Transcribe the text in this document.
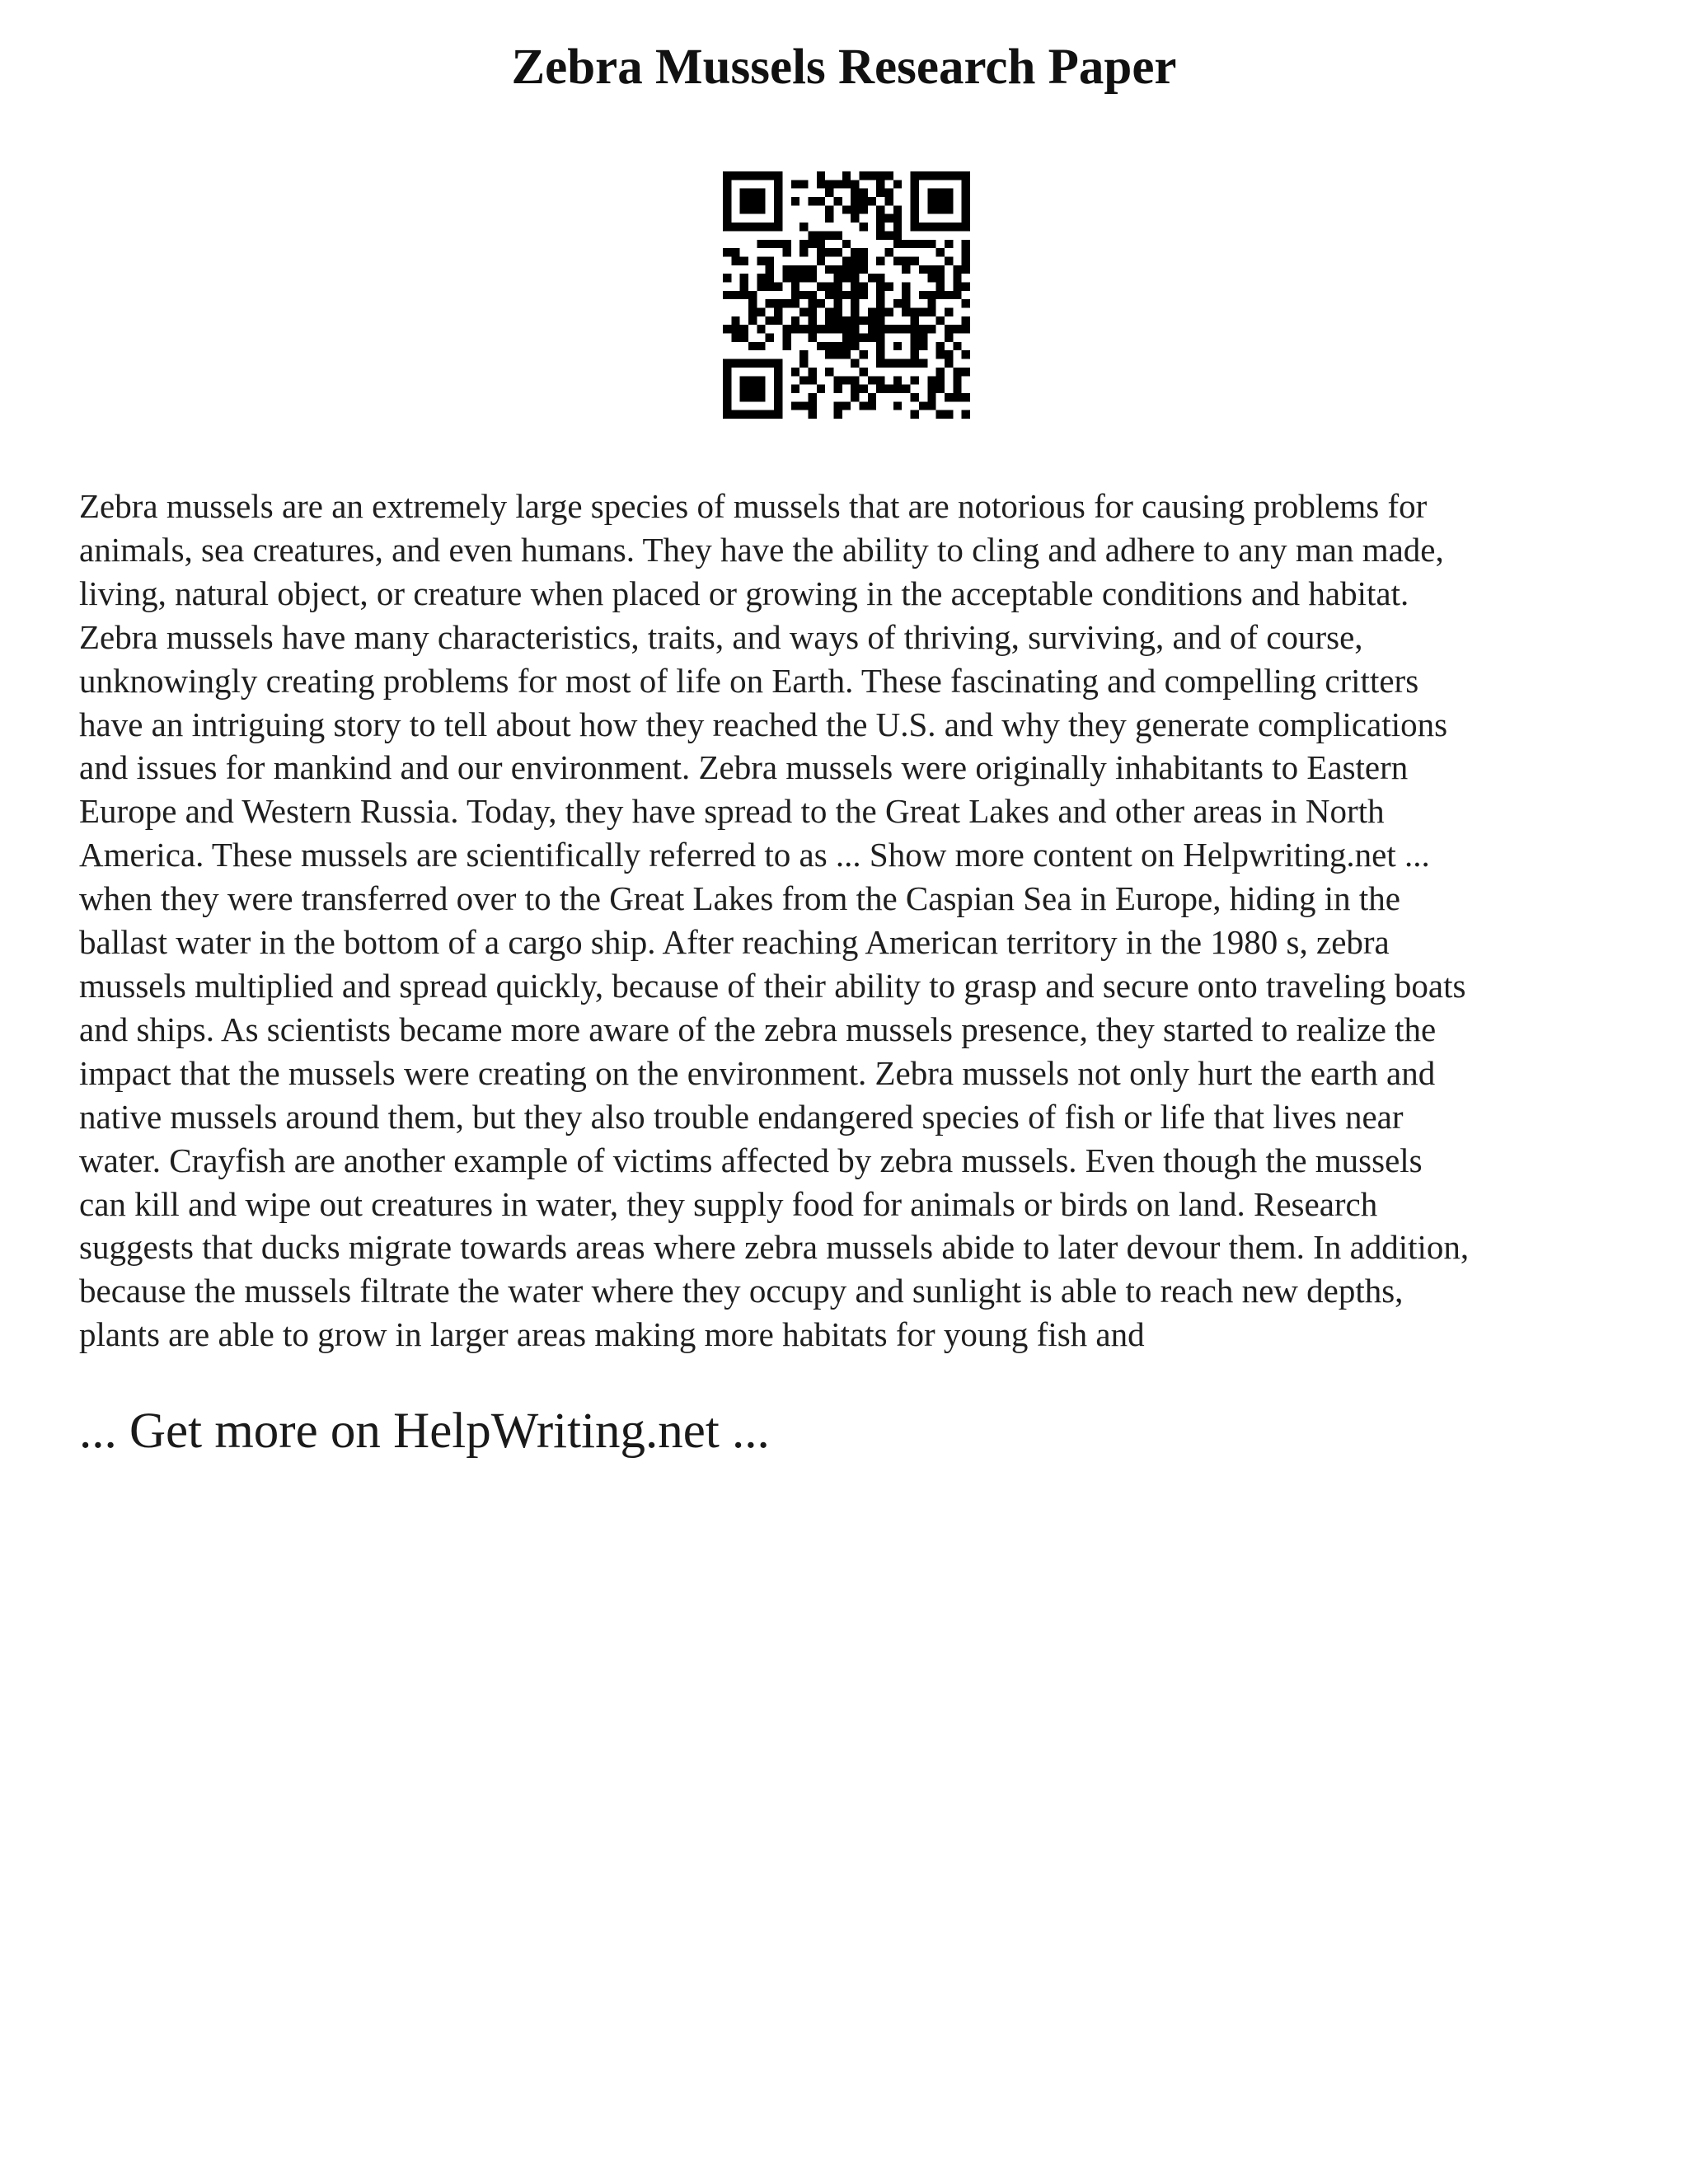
Zebra Mussels Research Paper

Zebra mussels are an extremely large species of mussels that are notorious for causing problems for
animals, sea creatures, and even humans. They have the ability to cling and adhere to any man made,
living, natural object, or creature when placed or growing in the acceptable conditions and habitat.
Zebra mussels have many characteristics, traits, and ways of thriving, surviving, and of course,
unknowingly creating problems for most of life on Earth. These fascinating and compelling critters
have an intriguing story to tell about how they reached the U.S. and why they generate complications
and issues for mankind and our environment. Zebra mussels were originally inhabitants to Eastern
Europe and Western Russia. Today, they have spread to the Great Lakes and other areas in North
America. These mussels are scientifically referred to as ... Show more content on Helpwriting.net ...
when they were transferred over to the Great Lakes from the Caspian Sea in Europe, hiding in the
ballast water in the bottom of a cargo ship. After reaching American territory in the 1980 s, zebra
mussels multiplied and spread quickly, because of their ability to grasp and secure onto traveling boats
and ships. As scientists became more aware of the zebra mussels presence, they started to realize the
impact that the mussels were creating on the environment. Zebra mussels not only hurt the earth and
native mussels around them, but they also trouble endangered species of fish or life that lives near
water. Crayfish are another example of victims affected by zebra mussels. Even though the mussels
can kill and wipe out creatures in water, they supply food for animals or birds on land. Research
suggests that ducks migrate towards areas where zebra mussels abide to later devour them. In addition,
because the mussels filtrate the water where they occupy and sunlight is able to reach new depths,
plants are able to grow in larger areas making more habitats for young fish and

... Get more on HelpWriting.net ...
